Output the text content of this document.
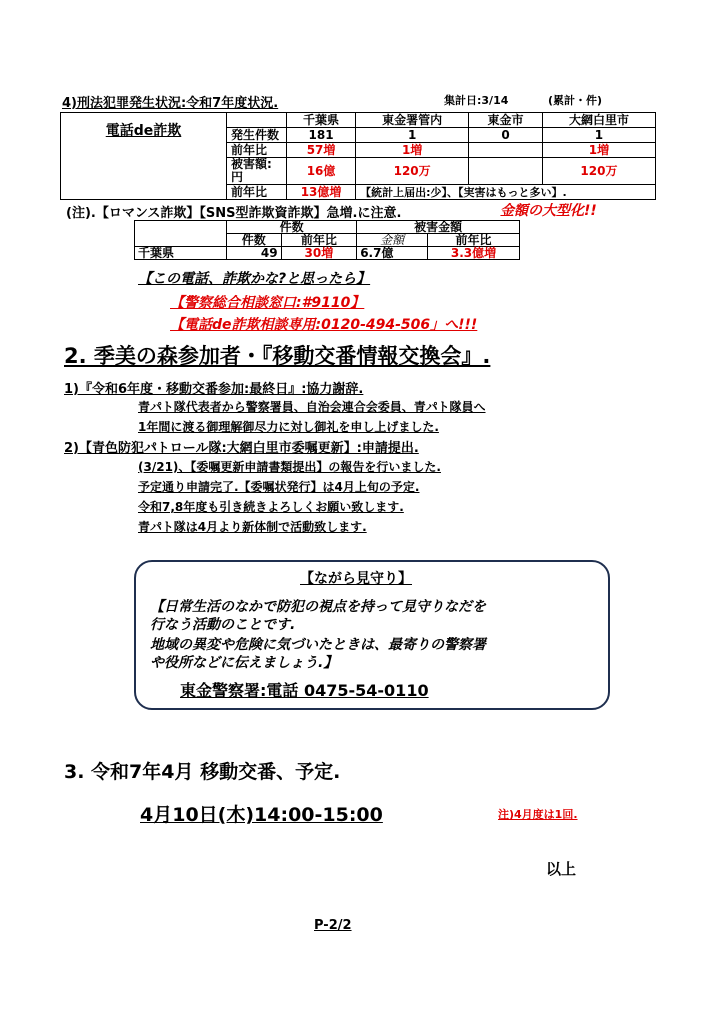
4)刑法犯罪発生状況:令和7年度状況.	集計日:3/14	(累計・件)
電話de詐欺		千葉県	東金署管内	東金市	大網白里市
	発生件数	181	1	0	1
	前年比	57増	1増		1増
	被害額:円	16億	120万		120万
	前年比	13億増	【統計上届出:少】、【実害はもっと多い】.		
(注).【ロマンス詐欺】【SNS型詐欺資詐欺】急増.に注意.	金額の大型化!!
	件数		被害金額	
	件数	前年比	金額	前年比
千葉県	49	30増	6.7億	3.3億増
【この電話、詐欺かな?と思ったら】
【警察総合相談窓口:#9110】
【電話de詐欺相談専用:0120-494-506」へ!!!
2. 季美の森参加者・『移動交番情報交換会』.
1)『令和6年度・移動交番参加:最終日』:協力謝辞.
青パト隊代表者から警察署員、自治会連合会委員、青パト隊員へ
1年間に渡る御理解御尽力に対し御礼を申し上げました.
2)【青色防犯パトロール隊:大網白里市委嘱更新】:申請提出.
(3/21)、【委嘱更新申請書類提出】の報告を行いました.
予定通り申請完了.【委嘱状発行】は4月上旬の予定.
令和7,8年度も引き続きよろしくお願い致します.
青パト隊は4月より新体制で活動致します.
【ながら見守り】
【日常生活のなかで防犯の視点を持って見守りなだを
行なう活動のことです.
地域の異変や危険に気づいたときは、最寄りの警察署
や役所などに伝えましょう.】
東金警察署:電話 0475-54-0110
3. 令和7年4月 移動交番、予定.
4月10日(木)14:00-15:00	注)4月度は1回.
以上
P-2/2
